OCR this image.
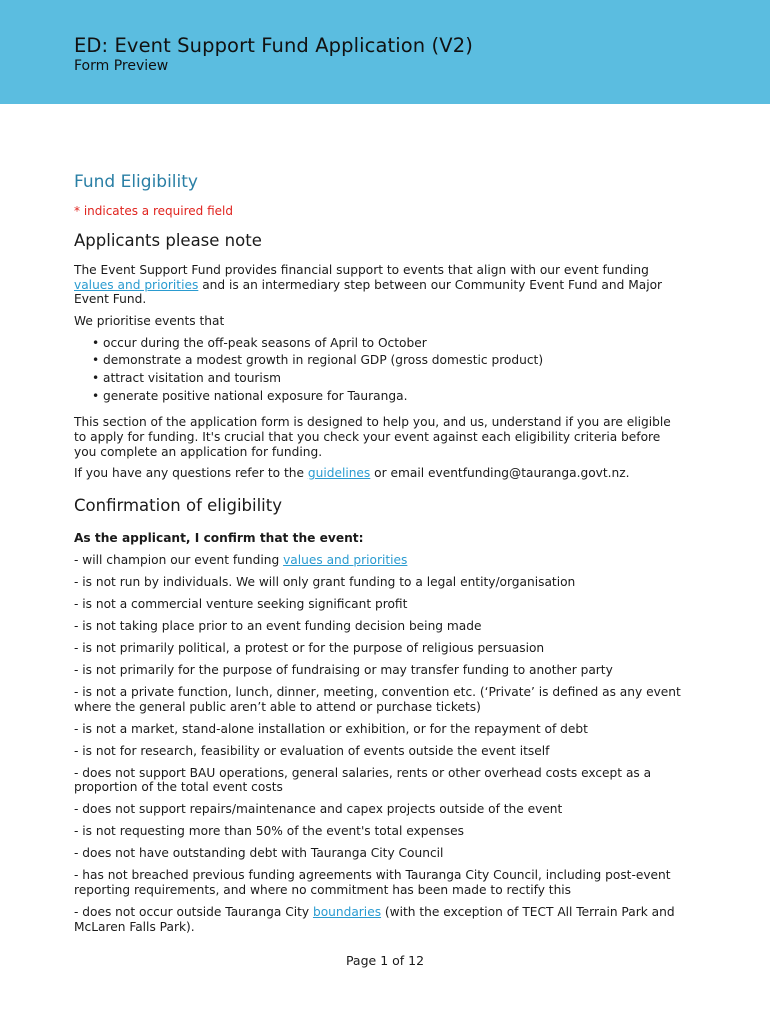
ED: Event Support Fund Application (V2)
Form Preview
Fund Eligibility
* indicates a required field
Applicants please note

The Event Support Fund provides financial support to events that align with our event funding values and priorities and is an intermediary step between our Community Event Fund and Major Event Fund.

We prioritise events that

• occur during the off-peak seasons of April to October
• demonstrate a modest growth in regional GDP (gross domestic product)
• attract visitation and tourism
• generate positive national exposure for Tauranga.

This section of the application form is designed to help you, and us, understand if you are eligible to apply for funding. It's crucial that you check your event against each eligibility criteria before you complete an application for funding.

If you have any questions refer to the guidelines or email eventfunding@tauranga.govt.nz.

Confirmation of eligibility
As the applicant, I confirm that the event:
- will champion our event funding values and priorities
- is not run by individuals. We will only grant funding to a legal entity/organisation
- is not a commercial venture seeking significant profit
- is not taking place prior to an event funding decision being made
- is not primarily political, a protest or for the purpose of religious persuasion
- is not primarily for the purpose of fundraising or may transfer funding to another party
- is not a private function, lunch, dinner, meeting, convention etc. (‘Private’ is defined as any event where the general public aren’t able to attend or purchase tickets)
- is not a market, stand-alone installation or exhibition, or for the repayment of debt
- is not for research, feasibility or evaluation of events outside the event itself
- does not support BAU operations, general salaries, rents or other overhead costs except as a proportion of the total event costs
- does not support repairs/maintenance and capex projects outside of the event
- is not requesting more than 50% of the event's total expenses
- does not have outstanding debt with Tauranga City Council
- has not breached previous funding agreements with Tauranga City Council, including post-event reporting requirements, and where no commitment has been made to rectify this
- does not occur outside Tauranga City boundaries (with the exception of TECT All Terrain Park and McLaren Falls Park).
Page 1 of 12
